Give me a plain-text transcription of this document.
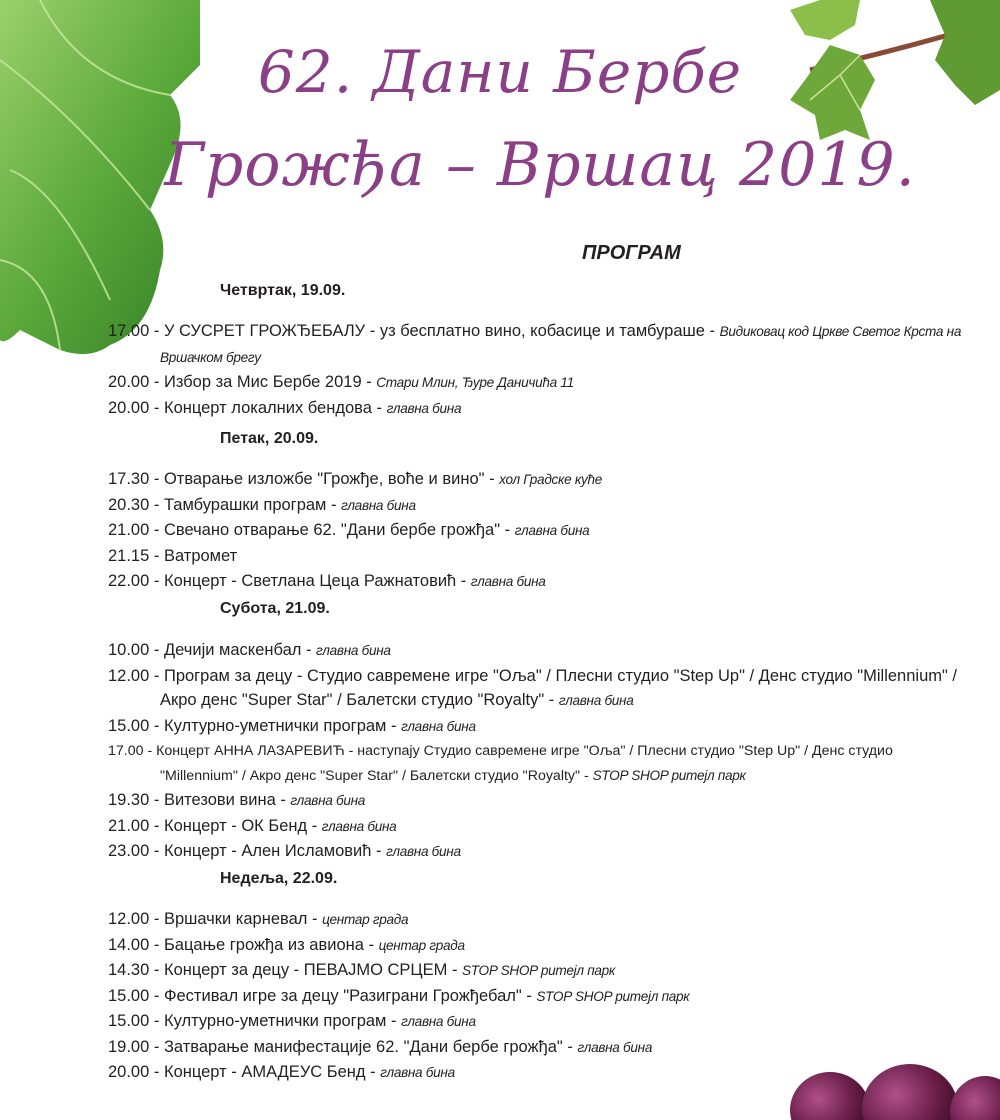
62. Дани Бербе
Грожђа – Вршац 2019.
ПРОГРАМ
Четвртак, 19.09.
17.00 - У СУСРЕТ ГРОЖЂЕБАЛУ - уз бесплатно вино, кобасице и тамбураше - Видиковац код Цркве Светог Крста на Вршачком брегу
20.00 - Избор за Мис Бербе 2019 - Стари Млин, Ђуре Даничића 11
20.00 - Концерт локалних бендова - главна бина
Петак, 20.09.
17.30 - Отварање изложбе "Грожђе, воће и вино" - хол Градске куће
20.30 - Тамбурашки програм - главна бина
21.00 - Свечано отварање 62. "Дани бербе грожђа" - главна бина
21.15 - Ватромет
22.00 - Концерт - Светлана Цеца Ражнатовић - главна бина
Субота, 21.09.
10.00 - Дечији маскенбал - главна бина
12.00 - Програм за децу - Студио савремене игре "Оља" / Плесни студио "Step Up" / Денс студио "Millennium" / Акро денс "Super Star" / Балетски студио "Royalty" - главна бина
15.00 - Културно-уметнички програм - главна бина
17.00 - Концерт АННА ЛАЗАРЕВИЋ - наступају Студио савремене игре "Оља" / Плесни студио "Step Up" / Денс студио "Millennium" / Акро денс "Super Star" / Балетски студио "Royalty" - STOP SHOP ритејл парк
19.30 - Витезови вина - главна бина
21.00 - Концерт - ОК Бенд - главна бина
23.00 - Концерт - Ален Исламовић - главна бина
Недеља, 22.09.
12.00 - Вршачки карневал - центар града
14.00 - Бацање грожђа из авиона - центар града
14.30 - Концерт за децу - ПЕВАЈМО СРЦЕМ - STOP SHOP ритејл парк
15.00 - Фестивал игре за децу "Разиграни Грожђебал" - STOP SHOP ритејл парк
15.00 - Културно-уметнички програм - главна бина
19.00 - Затварање манифестације 62. "Дани бербе грожђа" - главна бина
20.00 - Концерт - АМАДЕУС Бенд - главна бина
